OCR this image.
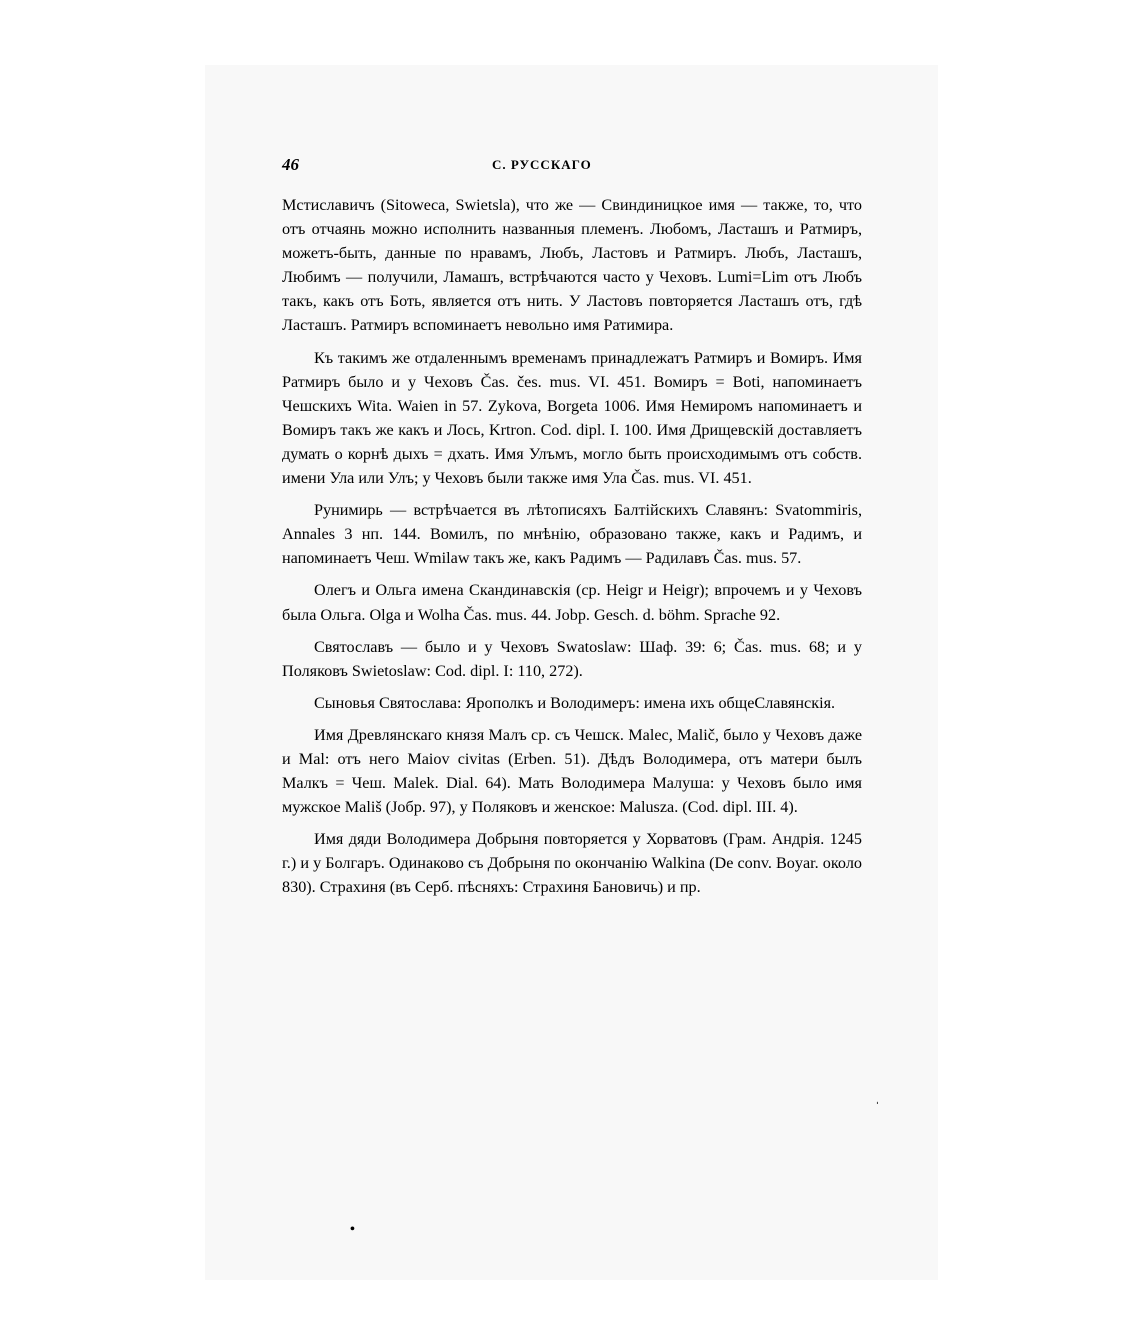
46	С. РУССКАГО

Мстиславичъ (Sitoweca, Swietsla), что же — Свиндиницкое имя — также, то, что отъ отчаянь можно исполнить названныя племенъ. Любомъ, Ласташъ и Ратмиръ, можетъ-быть, данные по нравамъ, Любъ, Ластовъ и Ратмиръ. Любъ, Ласташъ, Любимъ — получили, Ламашъ, встрѣчаются часто у Чеховъ. Lumi=Lim отъ Любъ такъ, какъ отъ Боть, является отъ нить. У Ластовъ повторяется Ласташъ отъ, гдѣ Ласташъ. Ратмиръ вспоминаетъ невольно имя Ратимира.

Къ такимъ же отдаленнымъ временамъ принадлежатъ Ратмиръ и Вомиръ. Имя Ратмиръ было и у Чеховъ Čas. čes. mus. VI. 451. Вомиръ = Boti, напоминаетъ Чешскихъ Wita. Waien in 57. Zykova, Borgeta 1006. Имя Немиромъ напоминаетъ и Вомиръ такъ же какъ и Лось, Krtron. Cod. dipl. I. 100. Имя Дрищевскій доставляетъ думать о корнѣ дыхъ = дхать. Имя Улъмъ, могло быть происходимымъ отъ собств. имени Ула или Улъ; у Чеховъ были также имя Ула Čas. mus. VI. 451.

Рунимирь — встрѣчается въ лѣтописяхъ Балтійскихъ Славянъ: Svatommiris, Annales 3 нп. 144. Вомилъ, по мнѣнію, образовано также, какъ и Радимъ, и напоминаетъ Чеш. Wmilaw такъ же, какъ Радимъ — Радилавъ Čas. mus. 57.

Олегъ и Ольга имена Скандинавскія (ср. Heigr и Heigr); впрочемъ и у Чеховъ была Ольга. Olga и Wolha Čas. mus. 44. Jobp. Gesch. d. böhm. Sprache 92.

Святославъ — было и у Чеховъ Swatoslaw: Шаф. 39: 6; Čas. mus. 68; и у Поляковъ Swietoslaw: Cod. dipl. I: 110, 272).

Сыновья Святослава: Ярополкъ и Володимеръ: имена ихъ общеСлавянскія.

Имя Древлянскаго князя Малъ ср. съ Чешск. Malec, Malič, было у Чеховъ даже и Mal: отъ него Maiov civitas (Erben. 51). Дѣдъ Володимера, отъ матери былъ Малкъ = Чеш. Malek. Dial. 64). Мать Володимера Малуша: у Чеховъ было имя мужское Mališ (Jобр. 97), у Поляковъ и женское: Malusza. (Cod. dipl. III. 4).

Имя дяди Володимера Добрыня повторяется у Хорватовъ (Грам. Андрія. 1245 г.) и у Болгаръ. Одинаково съ Добрыня по окончанію Walkina (De conv. Boyar. около 830). Страхиня (въ Серб. пѣсняхъ: Страхиня Бановичь) и пр.

ˌ
•
